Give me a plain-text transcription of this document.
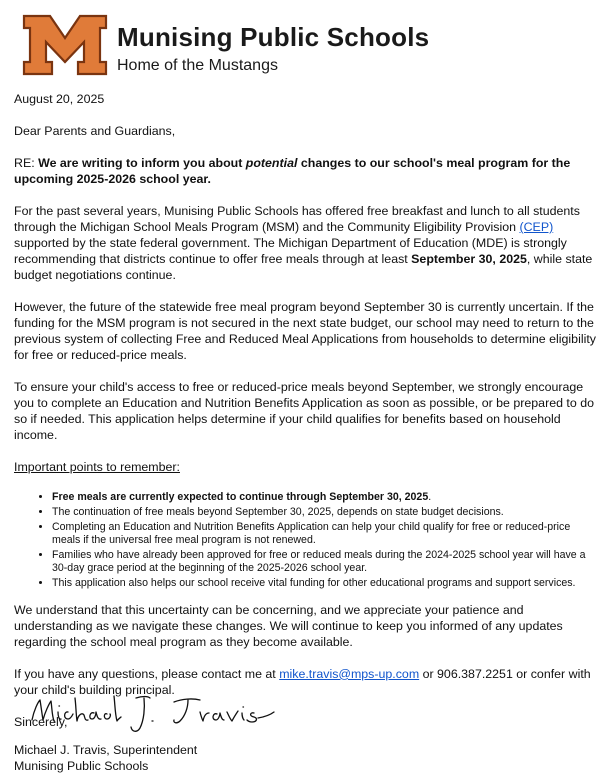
Munising Public Schools
Home of the Mustangs

August 20, 2025

Dear Parents and Guardians,

RE: We are writing to inform you about potential changes to our school's meal program for the upcoming 2025-2026 school year.

For the past several years, Munising Public Schools has offered free breakfast and lunch to all students through the Michigan School Meals Program (MSM) and the Community Eligibility Provision (CEP) supported by the state federal government. The Michigan Department of Education (MDE) is strongly recommending that districts continue to offer free meals through at least September 30, 2025, while state budget negotiations continue.

However, the future of the statewide free meal program beyond September 30 is currently uncertain. If the funding for the MSM program is not secured in the next state budget, our school may need to return to the previous system of collecting Free and Reduced Meal Applications from households to determine eligibility for free or reduced-price meals.

To ensure your child's access to free or reduced-price meals beyond September, we strongly encourage you to complete an Education and Nutrition Benefits Application as soon as possible, or be prepared to do so if needed. This application helps determine if your child qualifies for benefits based on household income.

Important points to remember:

• Free meals are currently expected to continue through September 30, 2025.
• The continuation of free meals beyond September 30, 2025, depends on state budget decisions.
• Completing an Education and Nutrition Benefits Application can help your child qualify for free or reduced-price meals if the universal free meal program is not renewed.
• Families who have already been approved for free or reduced meals during the 2024-2025 school year will have a 30-day grace period at the beginning of the 2025-2026 school year.
• This application also helps our school receive vital funding for other educational programs and support services.

We understand that this uncertainty can be concerning, and we appreciate your patience and understanding as we navigate these changes. We will continue to keep you informed of any updates regarding the school meal program as they become available.

If you have any questions, please contact me at mike.travis@mps-up.com or 906.387.2251 or confer with your child's building principal.

Sincerely,

Michael J. Travis, Superintendent
Munising Public Schools
